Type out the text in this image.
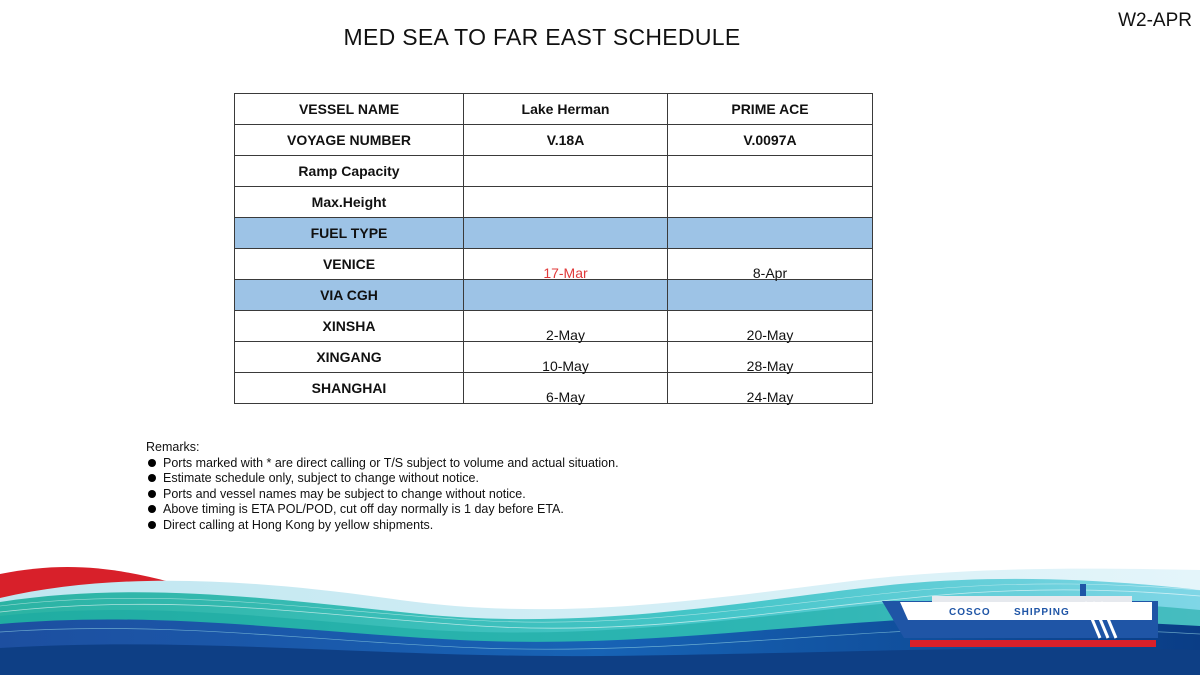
W2-APR
MED SEA TO FAR EAST SCHEDULE
VESSEL NAME	Lake Herman	PRIME ACE
VOYAGE NUMBER	V.18A	V.0097A
Ramp Capacity		
Max.Height		
FUEL TYPE		
VENICE	17-Mar	8-Apr
VIA CGH		
XINSHA	2-May	20-May
XINGANG	10-May	28-May
SHANGHAI	6-May	24-May
Remarks:
Ports marked with * are direct calling or T/S subject to volume and actual situation.
Estimate schedule only, subject to change without notice.
Ports and vessel names may be subject to change without notice.
Above timing is ETA POL/POD, cut off day normally is 1 day before ETA.
Direct calling at Hong Kong by yellow shipments.
COSCO SHIPPING
